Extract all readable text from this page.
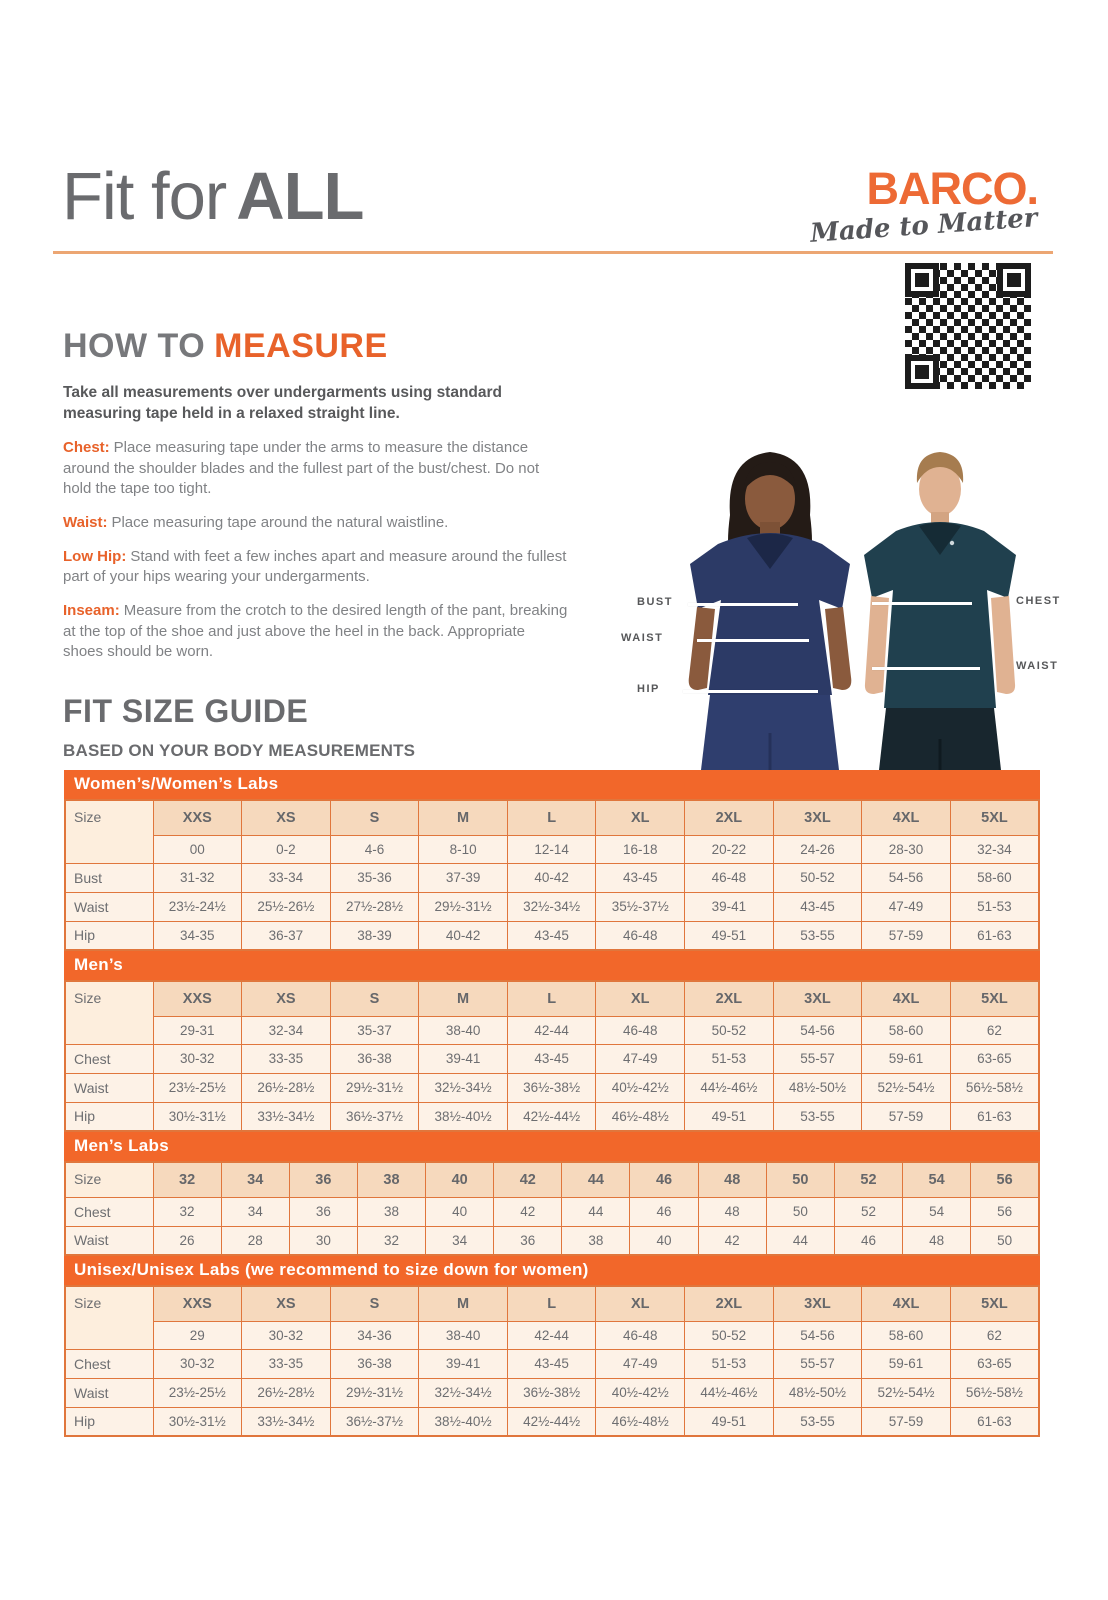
Fit for ALL	BARCO.
Made to Matter
HOW TO MEASURE

Take all measurements over undergarments using standard measuring tape held in a relaxed straight line.

Chest: Place measuring tape under the arms to measure the distance around the shoulder blades and the fullest part of the bust/chest. Do not hold the tape too tight.

Waist: Place measuring tape around the natural waistline.

Low Hip: Stand with feet a few inches apart and measure around the fullest part of your hips wearing your undergarments.

Inseam: Measure from the crotch to the desired length of the pant, breaking at the top of the shoe and just above the heel in the back. Appropriate shoes should be worn.

BUST
WAIST
HIP
CHEST
WAIST
FIT SIZE GUIDE
BASED ON YOUR BODY MEASUREMENTS
Women’s/Women’s Labs
Size	XXS	XS	S	M	L	XL	2XL	3XL	4XL	5XL
	00	0-2	4-6	8-10	12-14	16-18	20-22	24-26	28-30	32-34
Bust	31-32	33-34	35-36	37-39	40-42	43-45	46-48	50-52	54-56	58-60
Waist	23½-24½	25½-26½	27½-28½	29½-31½	32½-34½	35½-37½	39-41	43-45	47-49	51-53
Hip	34-35	36-37	38-39	40-42	43-45	46-48	49-51	53-55	57-59	61-63
Men’s
Size	XXS	XS	S	M	L	XL	2XL	3XL	4XL	5XL
	29-31	32-34	35-37	38-40	42-44	46-48	50-52	54-56	58-60	62
Chest	30-32	33-35	36-38	39-41	43-45	47-49	51-53	55-57	59-61	63-65
Waist	23½-25½	26½-28½	29½-31½	32½-34½	36½-38½	40½-42½	44½-46½	48½-50½	52½-54½	56½-58½
Hip	30½-31½	33½-34½	36½-37½	38½-40½	42½-44½	46½-48½	49-51	53-55	57-59	61-63
Men’s Labs
Size	32	34	36	38	40	42	44	46	48	50	52	54	56
Chest	32	34	36	38	40	42	44	46	48	50	52	54	56
Waist	26	28	30	32	34	36	38	40	42	44	46	48	50
Unisex/Unisex Labs (we recommend to size down for women)
Size	XXS	XS	S	M	L	XL	2XL	3XL	4XL	5XL
	29	30-32	34-36	38-40	42-44	46-48	50-52	54-56	58-60	62
Chest	30-32	33-35	36-38	39-41	43-45	47-49	51-53	55-57	59-61	63-65
Waist	23½-25½	26½-28½	29½-31½	32½-34½	36½-38½	40½-42½	44½-46½	48½-50½	52½-54½	56½-58½
Hip	30½-31½	33½-34½	36½-37½	38½-40½	42½-44½	46½-48½	49-51	53-55	57-59	61-63
